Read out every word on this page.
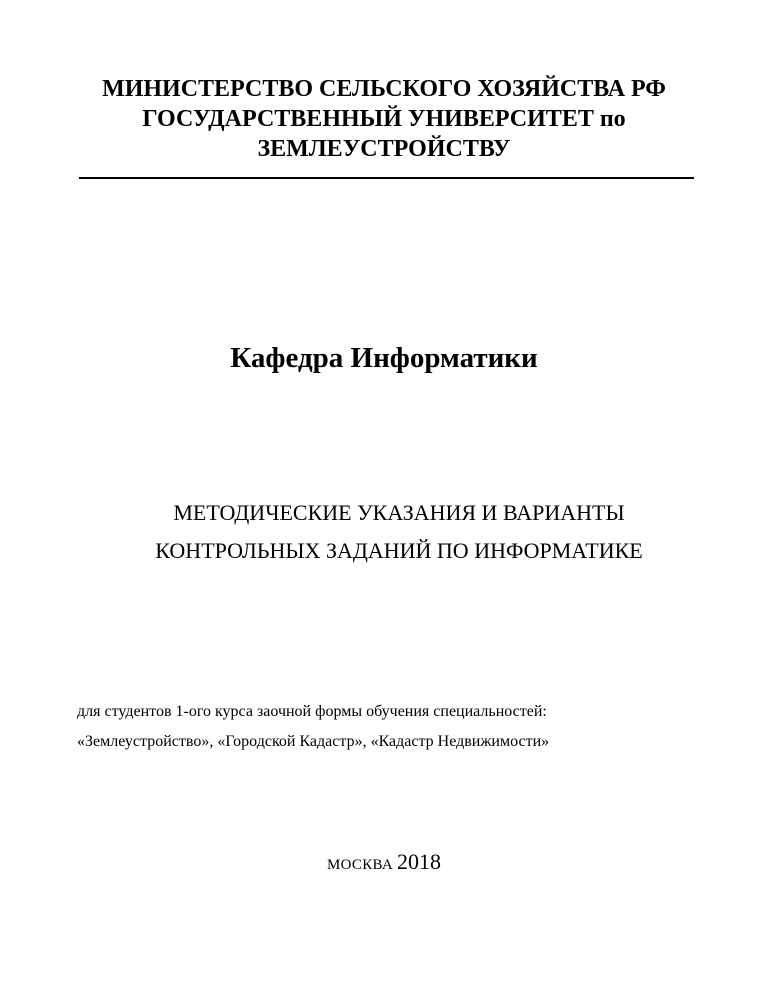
МИНИСТЕРСТВО СЕЛЬСКОГО ХОЗЯЙСТВА РФ
ГОСУДАРСТВЕННЫЙ УНИВЕРСИТЕТ по
ЗЕМЛЕУСТРОЙСТВУ
Кафедра Информатики
МЕТОДИЧЕСКИЕ УКАЗАНИЯ И ВАРИАНТЫ
КОНТРОЛЬНЫХ ЗАДАНИЙ ПО ИНФОРМАТИКЕ
для студентов 1-ого курса заочной формы обучения специальностей:
«Землеустройство», «Городской Кадастр», «Кадастр Недвижимости»
МОСКВА 2018
